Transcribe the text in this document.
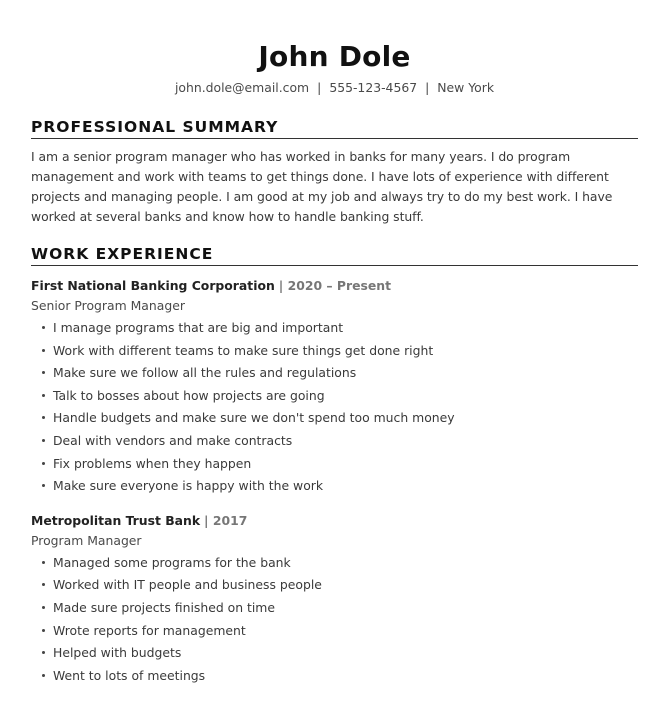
John Dole
john.dole@email.com | 555-123-4567 | New York
PROFESSIONAL SUMMARY
I am a senior program manager who has worked in banks for many years. I do program management and work with teams to get things done. I have lots of experience with different projects and managing people. I am good at my job and always try to do my best work. I have worked at several banks and know how to handle banking stuff.
WORK EXPERIENCE
First National Banking Corporation | 2020 – Present
Senior Program Manager
I manage programs that are big and important
Work with different teams to make sure things get done right
Make sure we follow all the rules and regulations
Talk to bosses about how projects are going
Handle budgets and make sure we don't spend too much money
Deal with vendors and make contracts
Fix problems when they happen
Make sure everyone is happy with the work
Metropolitan Trust Bank | 2017
Program Manager
Managed some programs for the bank
Worked with IT people and business people
Made sure projects finished on time
Wrote reports for management
Helped with budgets
Went to lots of meetings
